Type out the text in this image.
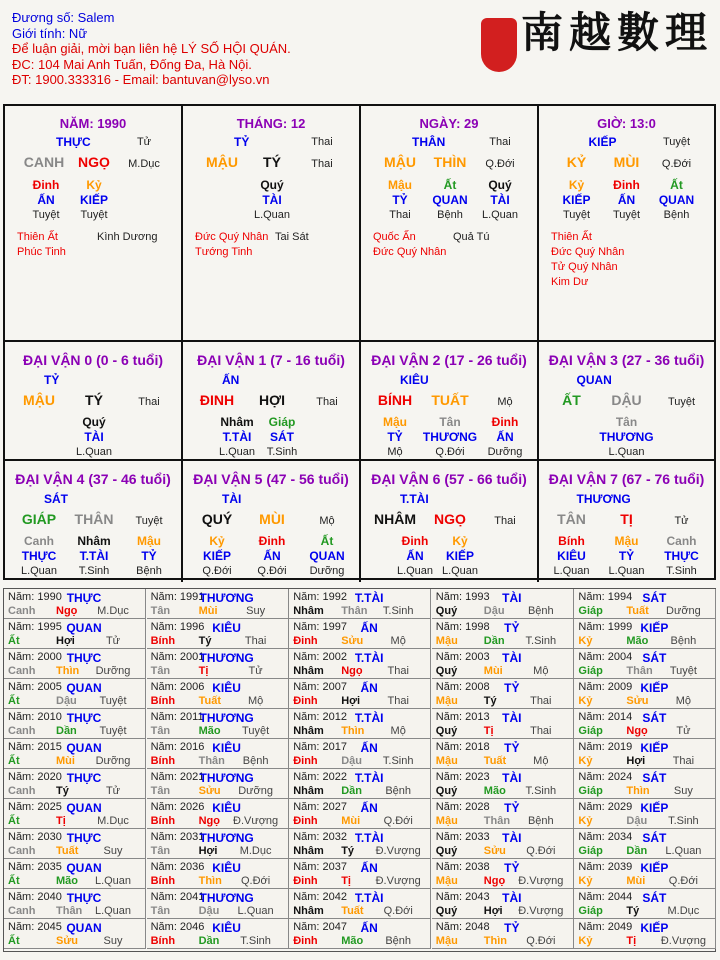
Đương số: Salem
Giới tính: Nữ
Để luận giải, mời bạn liên hệ LÝ SỐ HỘI QUÁN.
ĐC: 104 Mai Anh Tuấn, Đống Đa, Hà Nội.
ĐT: 1900.333316 - Email: bantuvan@lyso.vn
南越數理
NĂM: 1990
THỰC	Tử
CANH NGỌ M.Dục
Đinh
ẤN
Tuyệt
Kỷ
KIẾP
Tuyệt
Thiên Ất	Kình Dương
Phúc Tinh
THÁNG: 12
TỶ	Thai
MẬU TÝ	Thai
Quý
TÀI
L.Quan
Đức Quý Nhân Tai Sát
Tướng Tinh
NGÀY: 29
THÂN	Thai
MẬU THÌN Q.Đới
Mậu
TỶ
Thai
Ất
QUAN
Bệnh
Quý
TÀI
L.Quan
Quốc Ấn	Quả Tú
Đức Quý Nhân
GIỜ: 13:0
KIẾP	Tuyệt
KỶ MÙI Q.Đới
Kỷ
KIẾP
Tuyệt
Đinh
ẤN
Tuyệt
Ất
QUAN
Bệnh
Thiên Ất
Đức Quý Nhân
Tử Quý Nhân
Kim Dư
ĐẠI VẬN 0 (0 - 6 tuổi)
TỶ
MẬU TÝ	Thai
Quý
TÀI
L.Quan
ĐẠI VẬN 1 (7 - 16 tuổi)
ẤN
ĐINH HỢI	Thai
Nhâm
T.TÀI
L.Quan
Giáp
SÁT
T.Sinh
ĐẠI VẬN 2 (17 - 26 tuổi)
KIÊU
BÍNH TUẤT	Mộ
Mậu
TỶ
Mộ
Tân
THƯƠNG
Q.Đới
Đinh
ẤN
Dưỡng
ĐẠI VẬN 3 (27 - 36 tuổi)
QUAN
ẤT DẬU Tuyệt
Tân
THƯƠNG
L.Quan
ĐẠI VẬN 4 (37 - 46 tuổi)
SÁT
GIÁP THÂN Tuyệt
Canh
THỰC
L.Quan
Nhâm
T.TÀI
T.Sinh
Mậu
TỶ
Bệnh
ĐẠI VẬN 5 (47 - 56 tuổi)
TÀI
QUÝ MÙI	Mộ
Kỷ
KIẾP
Q.Đới
Đinh
ẤN
Q.Đới
Ất
QUAN
Dưỡng
ĐẠI VẬN 6 (57 - 66 tuổi)
T.TÀI
NHÂM NGỌ	Thai
Đinh
ẤN
L.Quan
Kỷ
KIẾP
L.Quan
ĐẠI VẬN 7 (67 - 76 tuổi)
THƯƠNG
TÂN TỊ	Tử
Bính
KIÊU
L.Quan
Mậu
TỶ
L.Quan
Canh
THỰC
T.Sinh
Năm: 1990 THỰC
Canh Ngọ M.Dục
Năm: 1991
THƯƠNG
Tân	Mùi	Suy
Năm: 1992 T.TÀI
Nhâm Thân T.Sinh
Năm: 1993 TÀI
Quý Dậu Bệnh
Năm: 1994 SÁT
Giáp Tuất Dưỡng
Năm: 1995 QUAN
Ất	Hợi	Tử
Năm: 1996 KIÊU
Bính Tý	Thai
Năm: 1997 ẤN
Đinh Sửu Mộ
Năm: 1998 TỶ
Mậu Dần T.Sinh
Năm: 1999 KIẾP
Kỷ	Mão Bệnh
Năm: 2000 THỰC
Canh Thìn Dưỡng
Năm: 2001
THƯƠNG
Tân	Tị	Tử
Năm: 2002 T.TÀI
Nhâm Ngọ Thai
Năm: 2003 TÀI
Quý Mùi	Mộ
Năm: 2004 SÁT
Giáp Thân Tuyệt
Năm: 2005 QUAN
Ất	Dậu Tuyệt
Năm: 2006 KIÊU
Bính Tuất Mộ
Năm: 2007 ẤN
Đinh Hợi Thai
Năm: 2008 TỶ
Mậu Tý	Thai
Năm: 2009 KIẾP
Kỷ	Sửu Mộ
Năm: 2010 THỰC
Canh Dần Tuyệt
Năm: 2011
THƯƠNG
Tân	Mão Tuyệt
Năm: 2012 T.TÀI
Nhâm Thìn Mộ
Năm: 2013 TÀI
Quý Tị	Thai
Năm: 2014 SÁT
Giáp Ngọ	Tử
Năm: 2015 QUAN
Ất	Mùi Dưỡng
Năm: 2016 KIÊU
Bính Thân Bệnh
Năm: 2017 ẤN
Đinh Dậu T.Sinh
Năm: 2018 TỶ
Mậu Tuất Mộ
Năm: 2019 KIẾP
Kỷ	Hợi Thai
Năm: 2020 THỰC
Canh Tý	Tử
Năm: 2021
THƯƠNG
Tân	Sửu Dưỡng
Năm: 2022 T.TÀI
Nhâm Dần Bệnh
Năm: 2023 TÀI
Quý Mão T.Sinh
Năm: 2024 SÁT
Giáp Thìn Suy
Năm: 2025 QUAN
Ất	Tị	M.Dục
Năm: 2026 KIÊU
Bính Ngọ Đ.Vượng
Năm: 2027 ẤN
Đinh Mùi Q.Đới
Năm: 2028 TỶ
Mậu Thân Bệnh
Năm: 2029 KIẾP
Kỷ	Dậu T.Sinh
Năm: 2030 THỰC
Canh Tuất Suy
Năm: 2031
THƯƠNG
Tân	Hợi M.Dục
Năm: 2032 T.TÀI
Nhâm Tý Đ.Vượng
Năm: 2033 TÀI
Quý Sửu Q.Đới
Năm: 2034 SÁT
Giáp Dần L.Quan
Năm: 2035 QUAN
Ất	Mão L.Quan
Năm: 2036 KIÊU
Bính Thìn Q.Đới
Năm: 2037 ẤN
Đinh Tị Đ.Vượng
Năm: 2038 TỶ
Mậu Ngọ Đ.Vượng
Năm: 2039 KIẾP
Kỷ	Mùi Q.Đới
Năm: 2040 THỰC
Canh Thân L.Quan
Năm: 2041
THƯƠNG
Tân	Dậu L.Quan
Năm: 2042 T.TÀI
Nhâm Tuất Q.Đới
Năm: 2043 TÀI
Quý Hợi Đ.Vượng
Năm: 2044 SÁT
Giáp Tý	M.Dục
Năm: 2045 QUAN
Ất	Sửu Suy
Năm: 2046 KIÊU
Bính Dần T.Sinh
Năm: 2047 ẤN
Đinh Mão Bệnh
Năm: 2048 TỶ
Mậu Thìn Q.Đới
Năm: 2049 KIẾP
Kỷ	Tị Đ.Vượng
